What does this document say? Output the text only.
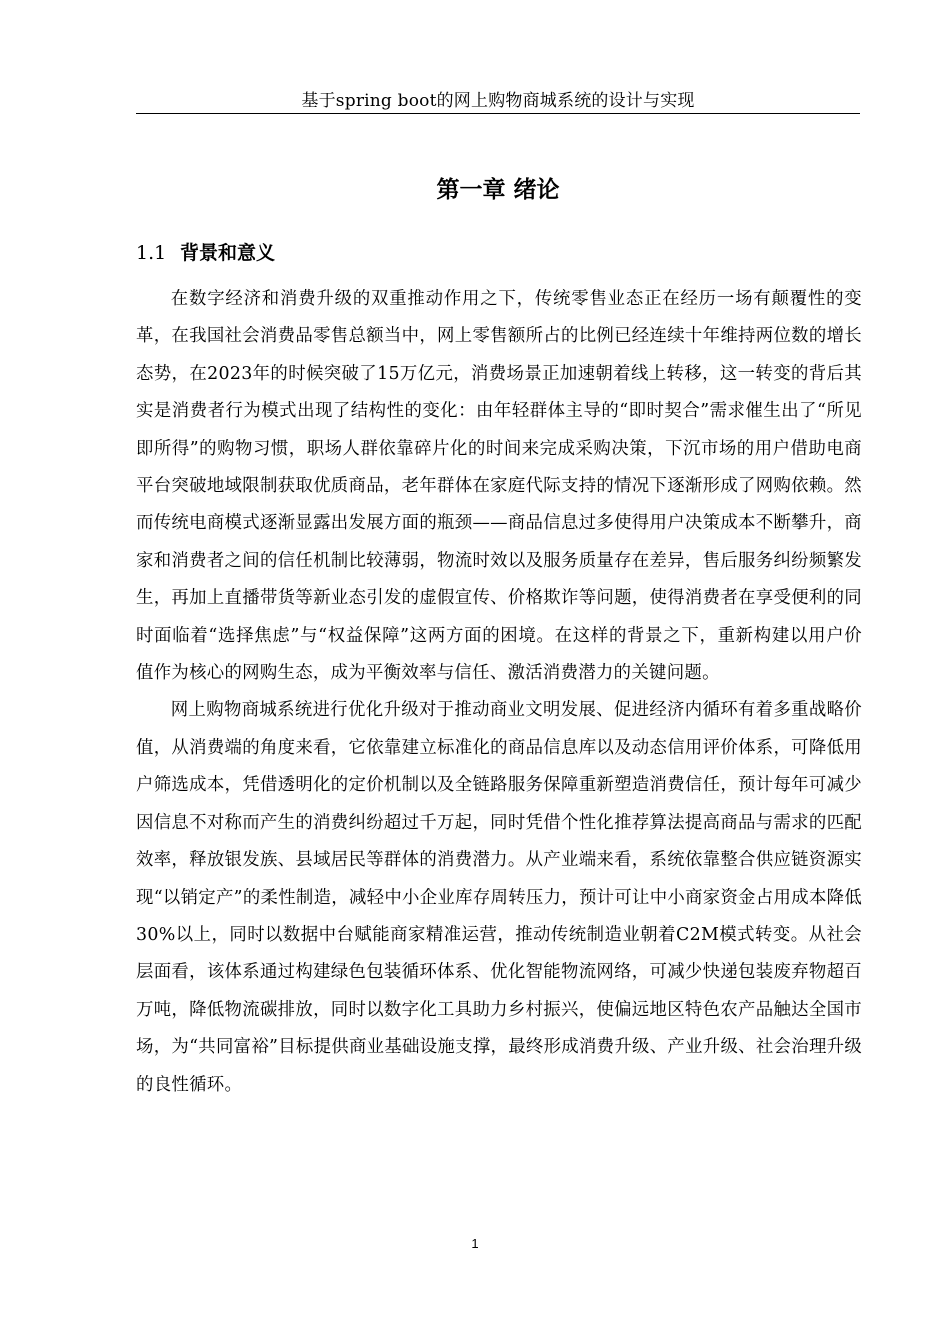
基于spring boot的网上购物商城系统的设计与实现
第一章 绪论
1.1 背景和意义

在数字经济和消费升级的双重推动作用之下，传统零售业态正在经历一场有颠覆性的变革，在我国社会消费品零售总额当中，网上零售额所占的比例已经连续十年维持两位数的增长态势，在2023年的时候突破了15万亿元，消费场景正加速朝着线上转移，这一转变的背后其实是消费者行为模式出现了结构性的变化：由年轻群体主导的“即时契合”需求催生出了“所见即所得”的购物习惯，职场人群依靠碎片化的时间来完成采购决策，下沉市场的用户借助电商平台突破地域限制获取优质商品，老年群体在家庭代际支持的情况下逐渐形成了网购依赖。然而传统电商模式逐渐显露出发展方面的瓶颈——商品信息过多使得用户决策成本不断攀升，商家和消费者之间的信任机制比较薄弱，物流时效以及服务质量存在差异，售后服务纠纷频繁发生，再加上直播带货等新业态引发的虚假宣传、价格欺诈等问题，使得消费者在享受便利的同时面临着“选择焦虑”与“权益保障”这两方面的困境。在这样的背景之下，重新构建以用户价值作为核心的网购生态，成为平衡效率与信任、激活消费潜力的关键问题。

网上购物商城系统进行优化升级对于推动商业文明发展、促进经济内循环有着多重战略价值，从消费端的角度来看，它依靠建立标准化的商品信息库以及动态信用评价体系，可降低用户筛选成本，凭借透明化的定价机制以及全链路服务保障重新塑造消费信任，预计每年可减少因信息不对称而产生的消费纠纷超过千万起，同时凭借个性化推荐算法提高商品与需求的匹配效率，释放银发族、县域居民等群体的消费潜力。从产业端来看，系统依靠整合供应链资源实现“以销定产”的柔性制造，减轻中小企业库存周转压力，预计可让中小商家资金占用成本降低30%以上，同时以数据中台赋能商家精准运营，推动传统制造业朝着C2M模式转变。从社会层面看，该体系通过构建绿色包装循环体系、优化智能物流网络，可减少快递包装废弃物超百万吨，降低物流碳排放，同时以数字化工具助力乡村振兴，使偏远地区特色农产品触达全国市场，为“共同富裕”目标提供商业基础设施支撑，最终形成消费升级、产业升级、社会治理升级的良性循环。

1
